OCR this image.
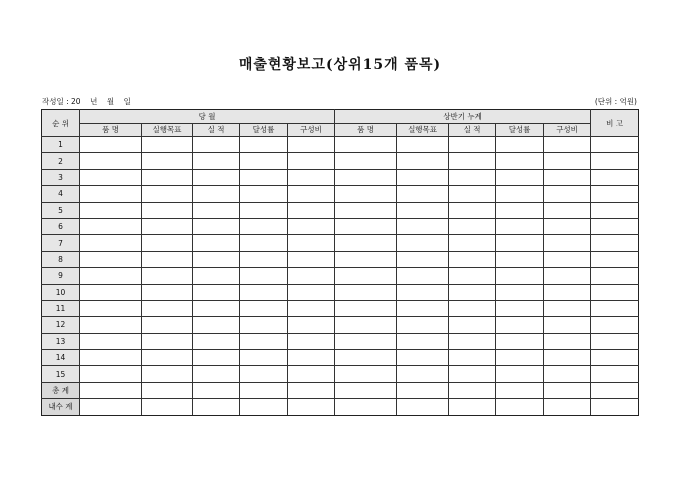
매출현황보고(상위15개 품목)
작성일 : 20    년    월    일	(단위 : 억원)
순 위	당 월					상반기 누계					비 고
	품 명	실행목표	실 적	달성률	구성비	품 명	실행목표	실 적	달성률	구성비	
1											
2											
3											
4											
5											
6											
7											
8											
9											
10											
11											
12											
13											
14											
15											
총 계											
내수 계											
